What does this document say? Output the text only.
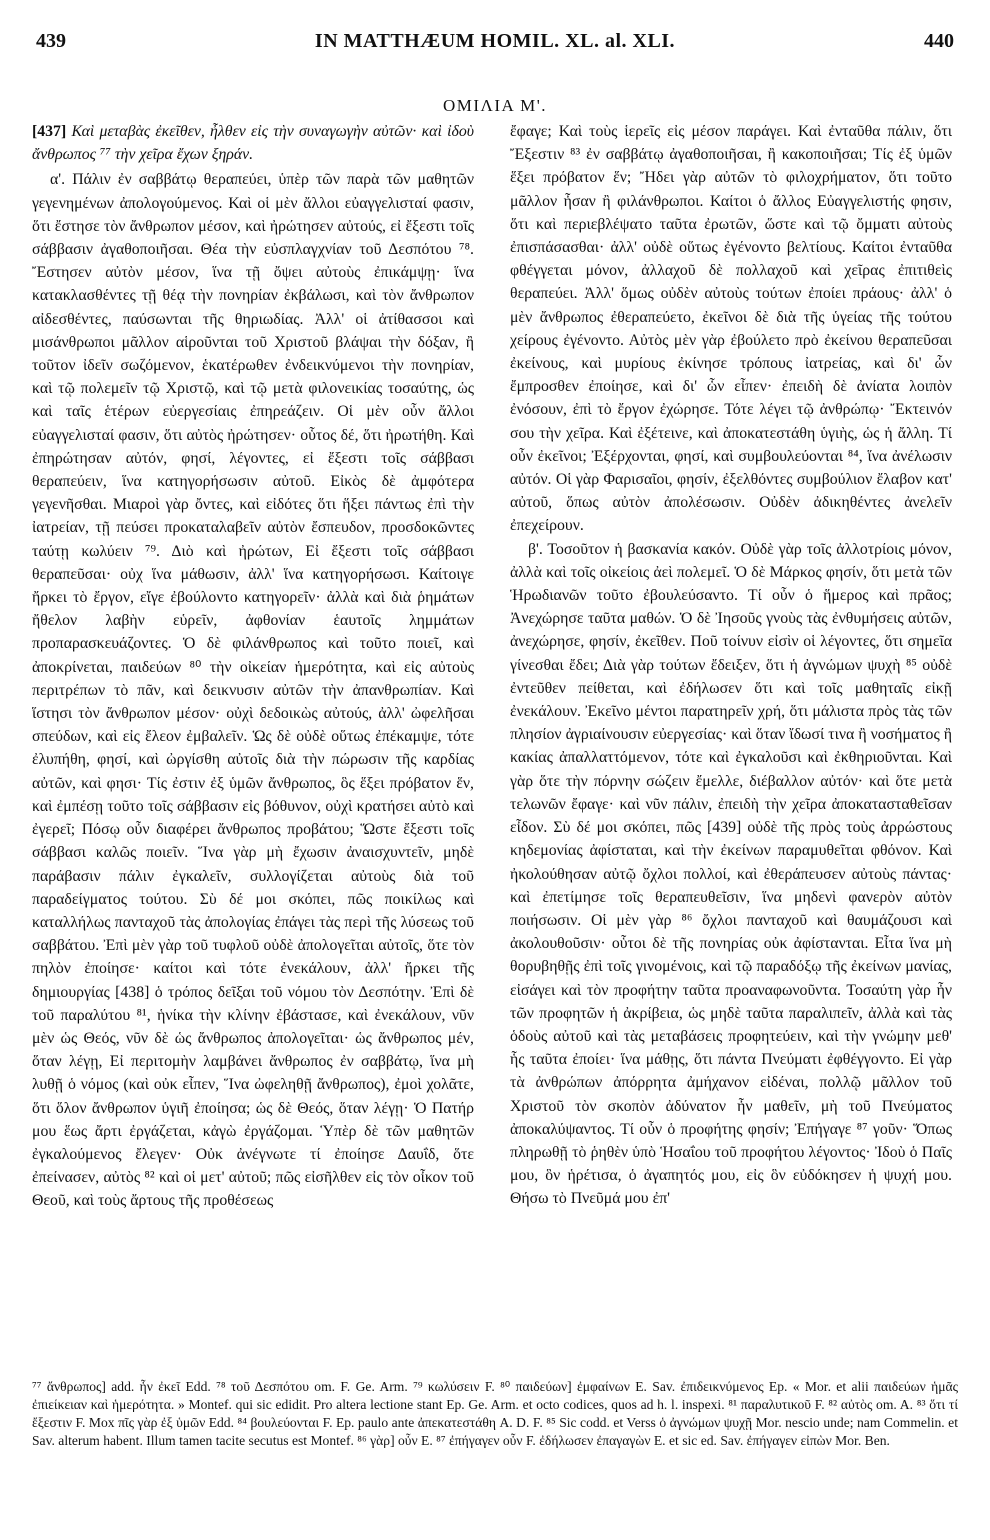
439	IN MATTHÆUM HOMIL. XL. al. XLI.	440
ΟΜΙΛΙΑ Μ'.

[437] Καὶ μεταβὰς ἐκεῖθεν, ἦλθεν εἰς τὴν συναγωγὴν αὐτῶν· καὶ ἰδοὺ ἄνθρωπος ⁷⁷ τὴν χεῖρα ἔχων ξηράν.

α'. Πάλιν ἐν σαββάτῳ θεραπεύει, ὑπὲρ τῶν παρὰ τῶν μαθητῶν γεγενημένων ἀπολογούμενος. Καὶ οἱ μὲν ἄλλοι εὐαγγελισταί φασιν, ὅτι ἔστησε τὸν ἄνθρωπον μέσον, καὶ ἠρώτησεν αὐτούς, εἰ ἔξεστι τοῖς σάββασιν ἀγαθοποιῆσαι. Θέα τὴν εὐσπλαγχνίαν τοῦ Δεσπότου ⁷⁸. Ἔστησεν αὐτὸν μέσον, ἵνα τῇ ὄψει αὐτοὺς ἐπικάμψῃ· ἵνα κατακλασθέντες τῇ θέᾳ τὴν πονηρίαν ἐκβάλωσι, καὶ τὸν ἄνθρωπον αἰδεσθέντες, παύσωνται τῆς θηριωδίας. Ἀλλ' οἱ ἀτίθασσοι καὶ μισάνθρωποι μᾶλλον αἱροῦνται τοῦ Χριστοῦ βλάψαι τὴν δόξαν, ἢ τοῦτον ἰδεῖν σωζόμενον, ἑκατέρωθεν ἐνδεικνύμενοι τὴν πονηρίαν, καὶ τῷ πολεμεῖν τῷ Χριστῷ, καὶ τῷ μετὰ φιλονεικίας τοσαύτης, ὡς καὶ ταῖς ἑτέρων εὐεργεσίαις ἐπηρεάζειν. Οἱ μὲν οὖν ἄλλοι εὐαγγελισταί φασιν, ὅτι αὐτὸς ἠρώτησεν· οὗτος δέ, ὅτι ἠρωτήθη. Καὶ ἐπηρώτησαν αὐτόν, φησί, λέγοντες, εἰ ἔξεστι τοῖς σάββασι θεραπεύειν, ἵνα κατηγορήσωσιν αὐτοῦ. Εἰκὸς δὲ ἀμφότερα γεγενῆσθαι. Μιαροὶ γὰρ ὄντες, καὶ εἰδότες ὅτι ἥξει πάντως ἐπὶ τὴν ἰατρείαν, τῇ πεύσει προκαταλαβεῖν αὐτὸν ἔσπευδον, προσδοκῶντες ταύτῃ κωλύειν ⁷⁹. Διὸ καὶ ἠρώτων, Εἰ ἔξεστι τοῖς σάββασι θεραπεῦσαι· οὐχ ἵνα μάθωσιν, ἀλλ' ἵνα κατηγορήσωσι. Καίτοιγε ἤρκει τὸ ἔργον, εἴγε ἐβούλοντο κατηγορεῖν· ἀλλὰ καὶ διὰ ῥημάτων ἤθελον λαβὴν εὑρεῖν, ἀφθονίαν ἑαυτοῖς λημμάτων προπαρασκευάζοντες. Ὁ δὲ φιλάνθρωπος καὶ τοῦτο ποιεῖ, καὶ ἀποκρίνεται, παιδεύων ⁸⁰ τὴν οἰκείαν ἡμερότητα, καὶ εἰς αὐτοὺς περιτρέπων τὸ πᾶν, καὶ δεικνυσιν αὐτῶν τὴν ἀπανθρωπίαν. Καὶ ἵστησι τὸν ἄνθρωπον μέσον· οὐχὶ δεδοικὼς αὐτούς, ἀλλ' ὠφελῆσαι σπεύδων, καὶ εἰς ἔλεον ἐμβαλεῖν. Ὡς δὲ οὐδὲ οὕτως ἐπέκαμψε, τότε ἐλυπήθη, φησί, καὶ ὠργίσθη αὐτοῖς διὰ τὴν πώρωσιν τῆς καρδίας αὐτῶν, καὶ φησι· Τίς ἐστιν ἐξ ὑμῶν ἄνθρωπος, ὃς ἕξει πρόβατον ἕν, καὶ ἐμπέσῃ τοῦτο τοῖς σάββασιν εἰς βόθυνον, οὐχὶ κρατήσει αὐτὸ καὶ ἐγερεῖ; Πόσῳ οὖν διαφέρει ἄνθρωπος προβάτου; Ὥστε ἔξεστι τοῖς σάββασι καλῶς ποιεῖν. Ἵνα γὰρ μὴ ἔχωσιν ἀναισχυντεῖν, μηδὲ παράβασιν πάλιν ἐγκαλεῖν, συλλογίζεται αὐτοὺς διὰ τοῦ παραδείγματος τούτου. Σὺ δέ μοι σκόπει, πῶς ποικίλως καὶ καταλλήλως πανταχοῦ τὰς ἀπολογίας ἐπάγει τὰς περὶ τῆς λύσεως τοῦ σαββάτου. Ἐπὶ μὲν γὰρ τοῦ τυφλοῦ οὐδὲ ἀπολογεῖται αὐτοῖς, ὅτε τὸν πηλὸν ἐποίησε· καίτοι καὶ τότε ἐνεκάλουν, ἀλλ' ἤρκει τῆς δημιουργίας [438] ὁ τρόπος δεῖξαι τοῦ νόμου τὸν Δεσπότην. Ἐπὶ δὲ τοῦ παραλύτου ⁸¹, ἡνίκα τὴν κλίνην ἐβάστασε, καὶ ἐνεκάλουν, νῦν μὲν ὡς Θεός, νῦν δὲ ὡς ἄνθρωπος ἀπολογεῖται· ὡς ἄνθρωπος μέν, ὅταν λέγῃ, Εἰ περιτομὴν λαμβάνει ἄνθρωπος ἐν σαββάτῳ, ἵνα μὴ λυθῇ ὁ νόμος (καὶ οὐκ εἶπεν, Ἵνα ὠφεληθῇ ἄνθρωπος), ἐμοὶ χολᾶτε, ὅτι ὅλον ἄνθρωπον ὑγιῆ ἐποίησα; ὡς δὲ Θεός, ὅταν λέγῃ· Ὁ Πατήρ μου ἕως ἄρτι ἐργάζεται, κἀγὼ ἐργάζομαι. Ὑπὲρ δὲ τῶν μαθητῶν ἐγκαλούμενος ἔλεγεν· Οὐκ ἀνέγνωτε τί ἐποίησε Δαυΐδ, ὅτε ἐπείνασεν, αὐτὸς ⁸² καὶ οἱ μετ' αὐτοῦ; πῶς εἰσῆλθεν εἰς τὸν οἶκον τοῦ Θεοῦ, καὶ τοὺς ἄρτους τῆς προθέσεως

ἔφαγε; Καὶ τοὺς ἱερεῖς εἰς μέσον παράγει. Καὶ ἐνταῦθα πάλιν, ὅτι Ἔξεστιν ⁸³ ἐν σαββάτῳ ἀγαθοποιῆσαι, ἢ κακοποιῆσαι; Τίς ἐξ ὑμῶν ἕξει πρόβατον ἕν; Ἤδει γὰρ αὐτῶν τὸ φιλοχρήματον, ὅτι τοῦτο μᾶλλον ἦσαν ἢ φιλάνθρωποι. Καίτοι ὁ ἄλλος Εὐαγγελιστής φησιν, ὅτι καὶ περιεβλέψατο ταῦτα ἐρωτῶν, ὥστε καὶ τῷ ὄμματι αὐτοὺς ἐπισπάσασθαι· ἀλλ' οὐδὲ οὕτως ἐγένοντο βελτίους. Καίτοι ἐνταῦθα φθέγγεται μόνον, ἀλλαχοῦ δὲ πολλαχοῦ καὶ χεῖρας ἐπιτιθεὶς θεραπεύει. Ἀλλ' ὅμως οὐδὲν αὐτοὺς τούτων ἐποίει πράους· ἀλλ' ὁ μὲν ἄνθρωπος ἐθεραπεύετο, ἐκεῖνοι δὲ διὰ τῆς ὑγείας τῆς τούτου χείρους ἐγένοντο. Αὐτὸς μὲν γὰρ ἐβούλετο πρὸ ἐκείνου θεραπεῦσαι ἐκείνους, καὶ μυρίους ἐκίνησε τρόπους ἰατρείας, καὶ δι' ὧν ἔμπροσθεν ἐποίησε, καὶ δι' ὧν εἶπεν· ἐπειδὴ δὲ ἀνίατα λοιπὸν ἐνόσουν, ἐπὶ τὸ ἔργον ἐχώρησε. Τότε λέγει τῷ ἀνθρώπῳ· Ἔκτεινόν σου τὴν χεῖρα. Καὶ ἐξέτεινε, καὶ ἀποκατεστάθη ὑγιὴς, ὡς ἡ ἄλλη. Τί οὖν ἐκεῖνοι; Ἐξέρχονται, φησί, καὶ συμβουλεύονται ⁸⁴, ἵνα ἀνέλωσιν αὐτόν. Οἱ γὰρ Φαρισαῖοι, φησίν, ἐξελθόντες συμβούλιον ἔλαβον κατ' αὐτοῦ, ὅπως αὐτὸν ἀπολέσωσιν. Οὐδὲν ἀδικηθέντες ἀνελεῖν ἐπεχείρουν.

β'. Τοσοῦτον ἡ βασκανία κακόν. Οὐδὲ γὰρ τοῖς ἀλλοτρίοις μόνον, ἀλλὰ καὶ τοῖς οἰκείοις ἀεὶ πολεμεῖ. Ὁ δὲ Μάρκος φησίν, ὅτι μετὰ τῶν Ἡρωδιανῶν τοῦτο ἐβουλεύσαντο. Τί οὖν ὁ ἥμερος καὶ πρᾶος; Ἀνεχώρησε ταῦτα μαθών. Ὁ δὲ Ἰησοῦς γνοὺς τὰς ἐνθυμήσεις αὐτῶν, ἀνεχώρησε, φησίν, ἐκεῖθεν. Ποῦ τοίνυν εἰσὶν οἱ λέγοντες, ὅτι σημεῖα γίνεσθαι ἔδει; Διὰ γὰρ τούτων ἔδειξεν, ὅτι ἡ ἀγνώμων ψυχὴ ⁸⁵ οὐδὲ ἐντεῦθεν πείθεται, καὶ ἐδήλωσεν ὅτι καὶ τοῖς μαθηταῖς εἰκῇ ἐνεκάλουν. Ἐκεῖνο μέντοι παρατηρεῖν χρή, ὅτι μάλιστα πρὸς τὰς τῶν πλησίον ἀγριαίνουσιν εὐεργεσίας· καὶ ὅταν ἴδωσί τινα ἢ νοσήματος ἢ κακίας ἀπαλλαττόμενον, τότε καὶ ἐγκαλοῦσι καὶ ἐκθηριοῦνται. Καὶ γὰρ ὅτε τὴν πόρνην σώζειν ἔμελλε, διέβαλλον αὐτόν· καὶ ὅτε μετὰ τελωνῶν ἔφαγε· καὶ νῦν πάλιν, ἐπειδὴ τὴν χεῖρα ἀποκατασταθεῖσαν εἶδον. Σὺ δέ μοι σκόπει, πῶς [439] οὐδὲ τῆς πρὸς τοὺς ἀρρώστους κηδεμονίας ἀφίσταται, καὶ τὴν ἐκείνων παραμυθεῖται φθόνον. Καὶ ἠκολούθησαν αὐτῷ ὄχλοι πολλοί, καὶ ἐθεράπευσεν αὐτοὺς πάντας· καὶ ἐπετίμησε τοῖς θεραπευθεῖσιν, ἵνα μηδενὶ φανερὸν αὐτὸν ποιήσωσιν. Οἱ μὲν γὰρ ⁸⁶ ὄχλοι πανταχοῦ καὶ θαυμάζουσι καὶ ἀκολουθοῦσιν· οὗτοι δὲ τῆς πονηρίας οὐκ ἀφίστανται. Εἶτα ἵνα μὴ θορυβηθῇς ἐπὶ τοῖς γινομένοις, καὶ τῷ παραδόξῳ τῆς ἐκείνων μανίας, εἰσάγει καὶ τὸν προφήτην ταῦτα προαναφωνοῦντα. Τοσαύτη γὰρ ἦν τῶν προφητῶν ἡ ἀκρίβεια, ὡς μηδὲ ταῦτα παραλιπεῖν, ἀλλὰ καὶ τὰς ὁδοὺς αὐτοῦ καὶ τὰς μεταβάσεις προφητεύειν, καὶ τὴν γνώμην μεθ' ἧς ταῦτα ἐποίει· ἵνα μάθῃς, ὅτι πάντα Πνεύματι ἐφθέγγοντο. Εἰ γὰρ τὰ ἀνθρώπων ἀπόρρητα ἀμήχανον εἰδέναι, πολλῷ μᾶλλον τοῦ Χριστοῦ τὸν σκοπὸν ἀδύνατον ἦν μαθεῖν, μὴ τοῦ Πνεύματος ἀποκαλύψαντος. Τί οὖν ὁ προφήτης φησίν; Ἐπήγαγε ⁸⁷ γοῦν· Ὅπως πληρωθῇ τὸ ῥηθὲν ὑπὸ Ἡσαΐου τοῦ προφήτου λέγοντος· Ἰδοὺ ὁ Παῖς μου, ὃν ἡρέτισα, ὁ ἀγαπητός μου, εἰς ὃν εὐδόκησεν ἡ ψυχή μου. Θήσω τὸ Πνεῦμά μου ἐπ'

⁷⁷ ἄνθρωπος] add. ἦν ἐκεῖ Edd. ⁷⁸ τοῦ Δεσπότου om. F. Ge. Arm. ⁷⁹ κωλύσειν F. ⁸⁰ παιδεύων] ἐμφαίνων E. Sav. ἐπιδεικνύμενος Ep. « Mor. et alii παιδεύων ἡμᾶς ἐπιείκειαν καὶ ἡμερότητα. » Montef. qui sic edidit. Pro altera lectione stant Ep. Ge. Arm. et octo codices, quos ad h. l. inspexi. ⁸¹ παραλυτικοῦ F. ⁸² αὐτὸς om. A. ⁸³ ὅτι τί ἔξεστιν F. Mox πῖς γὰρ ἐξ ὑμῶν Edd. ⁸⁴ βουλεύονται F. Ep. paulo ante ἀπεκατεστάθη A. D. F. ⁸⁵ Sic codd. et Verss ὁ ἀγνώμων ψυχῇ Mor. nescio unde; nam Commelin. et Sav. alterum habent. Illum tamen tacite secutus est Montef. ⁸⁶ γὰρ] οὖν E. ⁸⁷ ἐπήγαγεν οὖν F. ἐδήλωσεν ἐπαγαγὼν E. et sic ed. Sav. ἐπήγαγεν εἰπὼν Mor. Ben.
